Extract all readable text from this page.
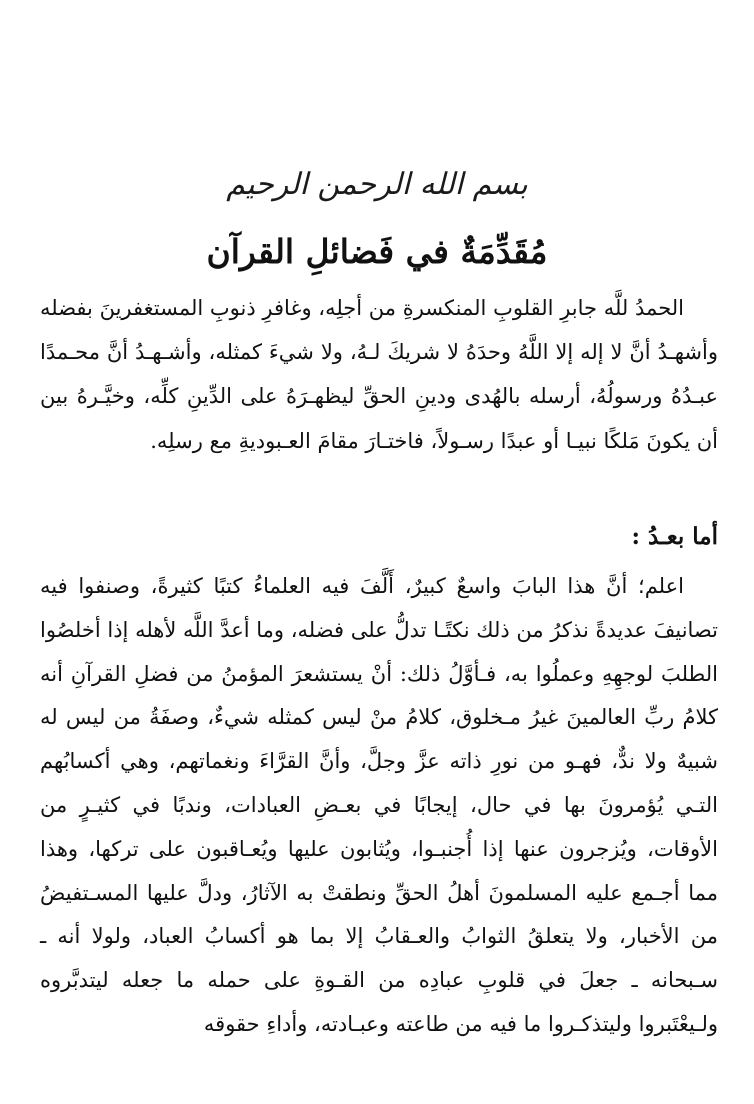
بسم الله الرحمن الرحيم
مُقَدِّمَةٌ في فَضائلِ القرآن

الحمدُ للَّه جابرِ القلوبِ المنكسرةِ من أجلِه، وغافرِ ذنوبِ المستغفرينَ بفضله وأشهـدُ أنَّ لا إله إلا اللَّهُ وحدَهُ لا شريكَ لـهُ، ولا شيءَ كمثله، وأشـهـدُ أنَّ محـمدًا عبـدُهُ ورسولُهُ، أرسله بالهُدى ودينِ الحقِّ ليظهـرَهُ على الدِّينِ كلِّه، وخيَّـرهُ بين أن يكونَ مَلكًا نبيـا أو عبدًا رسـولاً، فاختـارَ مقامَ العـبوديةِ مع رسلِه.

أما بعـدُ :

اعلم؛ أنَّ هذا البابَ واسعٌ كبيرٌ، أَلَّفَ فيه العلماءُ كتبًا كثيرةً، وصنفوا فيه تصانيفَ عديدةً نذكرُ من ذلك نكتًـا تدلُّ على فضله، وما أعدَّ اللَّه لأهله إذا أخلصُوا الطلبَ لوجهِهِ وعملُوا به، فـأوَّلُ ذلك: أنْ يستشعرَ المؤمنُ من فضلِ القرآنِ أنه كلامُ ربِّ العالمينَ غيرُ مـخلوق، كلامُ منْ ليس كمثله شيءٌ، وصفَةُ من ليس له شبيهٌ ولا ندٌّ، فهـو من نورِ ذاته عزَّ وجلَّ، وأنَّ القرَّاءَ ونغماتهم، وهي أكسابُهم التـي يُؤمرونَ بها في حال، إيجابًا في بعـضِ العبادات، وندبًا في كثيـرٍ من الأوقات، ويُزجرون عنها إذا أُجنبـوا، ويُثابون عليها ويُعـاقبون على تركها، وهذا مما أجـمع عليه المسلمونَ أهلُ الحقِّ ونطقتْ به الآثارُ، ودلَّ عليها المسـتفيضُ من الأخبار، ولا يتعلقُ الثوابُ والعـقابُ إلا بما هو أكسابُ العباد، ولولا أنه ـ سـبحانه ـ جعلَ في قلوبِ عبادِه من القـوةِ على حمله ما جعله ليتدبَّروه ولـيعْتَبروا وليتذكـروا ما فيه من طاعته وعبـادته، وأداءِ حقوقه
